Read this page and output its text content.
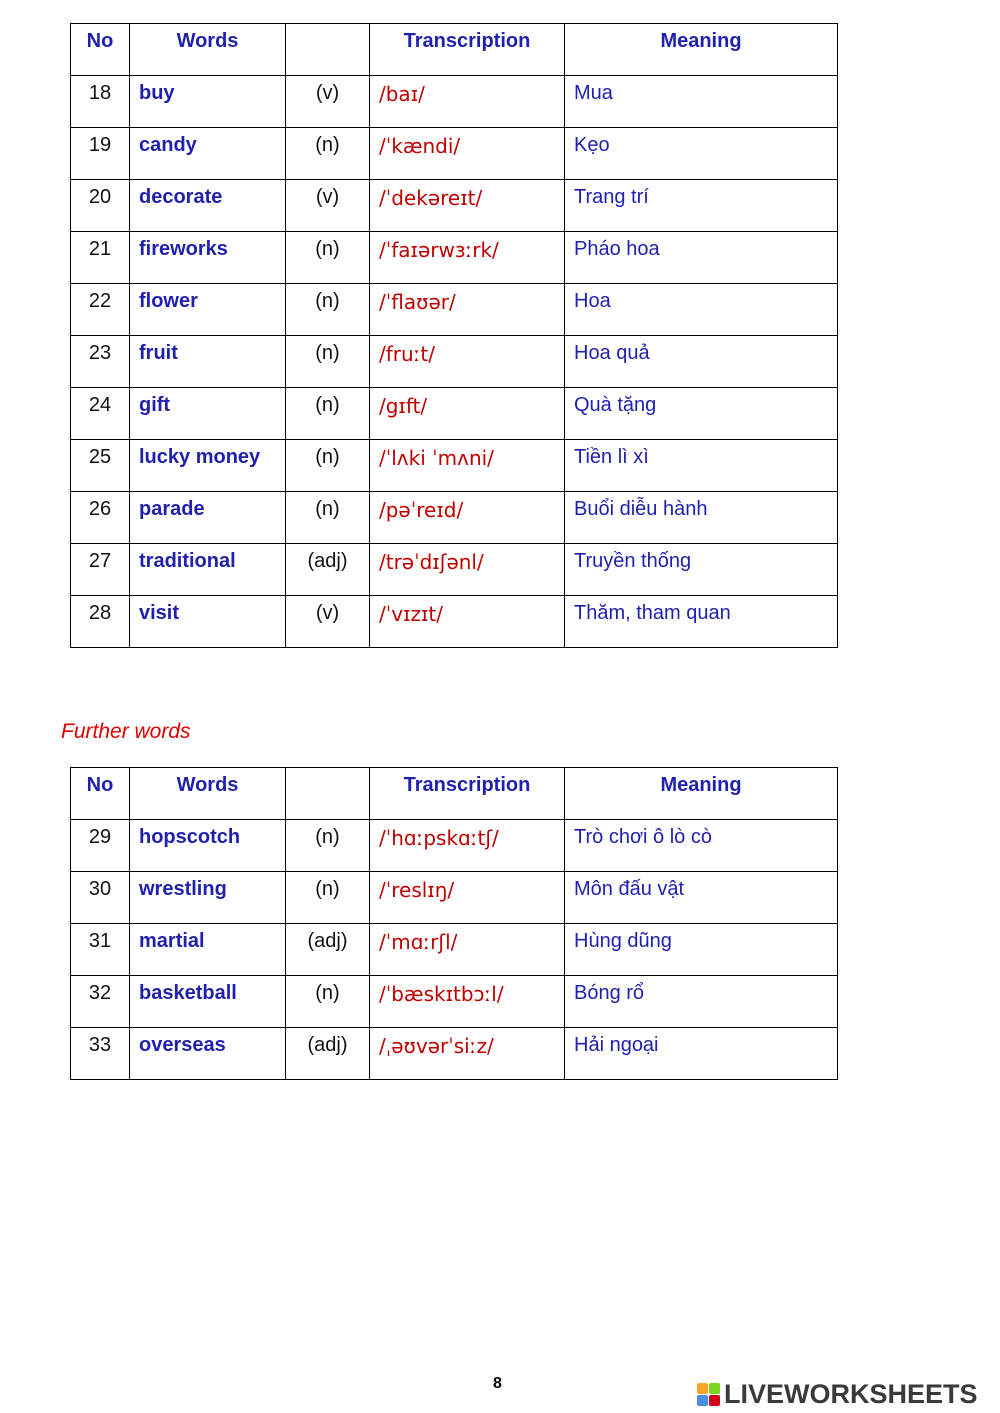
No	Words		Transcription	Meaning
18	buy	(v)	/baɪ/	Mua
19	candy	(n)	/ˈkændi/	Kẹo
20	decorate	(v)	/ˈdekəreɪt/	Trang trí
21	fireworks	(n)	/ˈfaɪərwɜːrk/	Pháo hoa
22	flower	(n)	/ˈflaʊər/	Hoa
23	fruit	(n)	/fruːt/	Hoa quả
24	gift	(n)	/gɪft/	Quà tặng
25	lucky money	(n)	/ˈlʌki ˈmʌni/	Tiền lì xì
26	parade	(n)	/pəˈreɪd/	Buổi diễu hành
27	traditional	(adj)	/trəˈdɪʃənl/	Truyền thống
28	visit	(v)	/ˈvɪzɪt/	Thăm, tham quan
Further words
No	Words		Transcription	Meaning
29	hopscotch	(n)	/ˈhɑːpskɑːtʃ/	Trò chơi ô lò cò
30	wrestling	(n)	/ˈreslɪŋ/	Môn đấu vật
31	martial	(adj)	/ˈmɑːrʃl/	Hùng dũng
32	basketball	(n)	/ˈbæskɪtbɔːl/	Bóng rổ
33	overseas	(adj)	/ˌəʊvərˈsiːz/	Hải ngoại
8	LIVEWORKSHEETS
